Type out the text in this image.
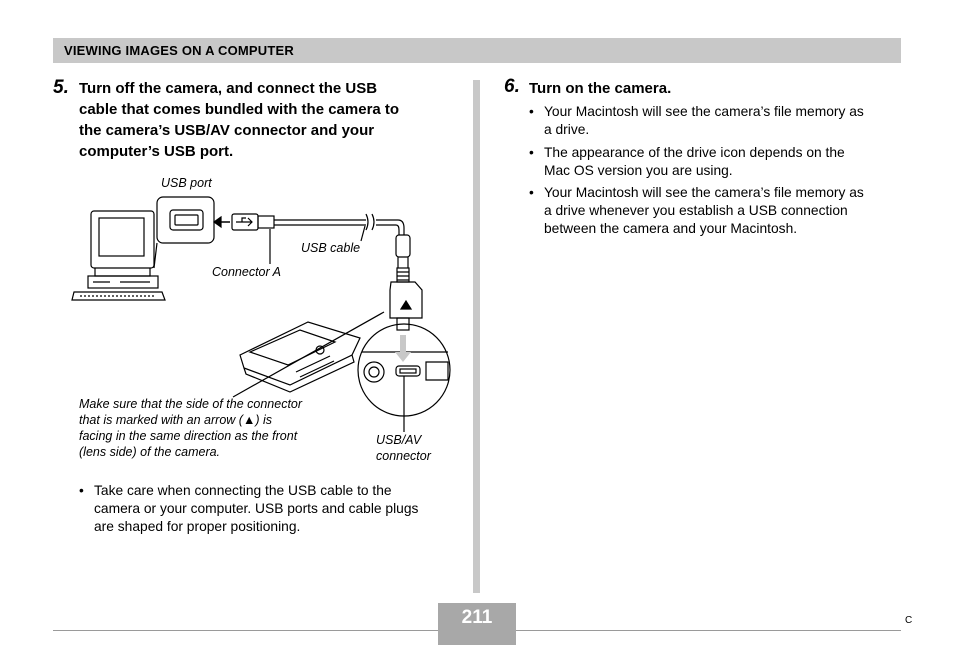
VIEWING IMAGES ON A COMPUTER
5. Turn off the camera, and connect the USB
cable that comes bundled with the camera to
the camera’s USB/AV connector and your
computer’s USB port.
USB port
USB cable
Connector A
USB/AV
connector
Make sure that the side of the connector
that is marked with an arrow (▲) is
facing in the same direction as the front
(lens side) of the camera.
• Take care when connecting the USB cable to the
camera or your computer. USB ports and cable plugs
are shaped for proper positioning.
6. Turn on the camera.
• Your Macintosh will see the camera’s file memory as
a drive.
• The appearance of the drive icon depends on the
Mac OS version you are using.
• Your Macintosh will see the camera’s file memory as
a drive whenever you establish a USB connection
between the camera and your Macintosh.
211	C
